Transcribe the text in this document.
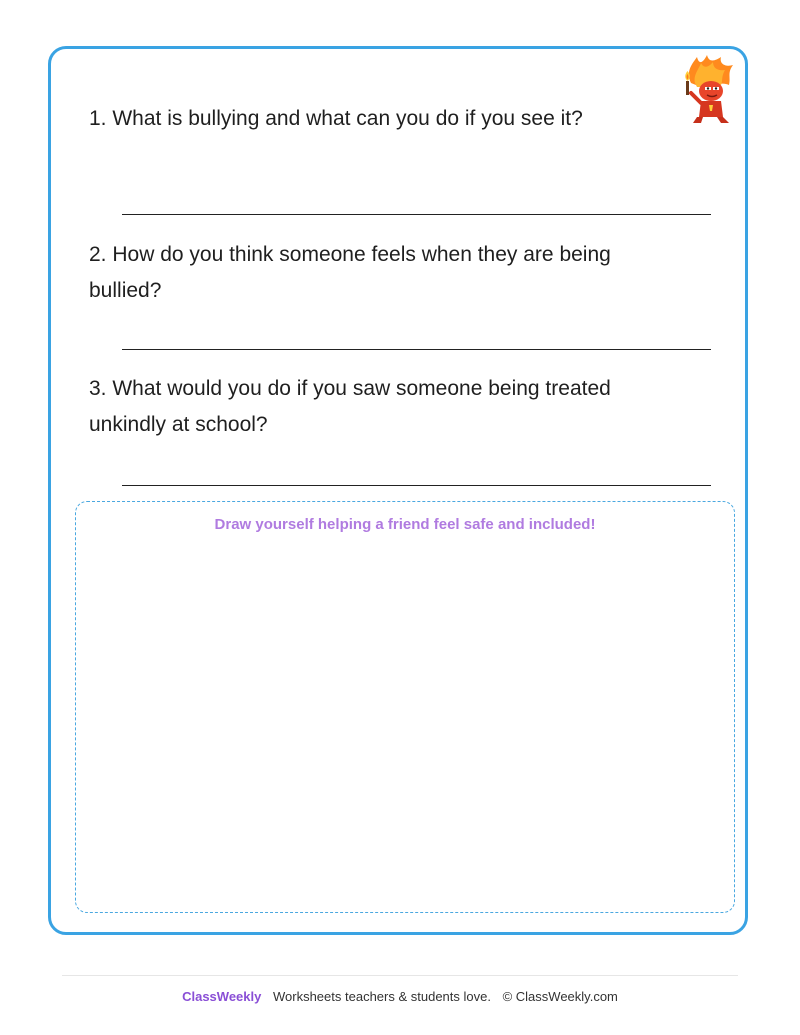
1. What is bullying and what can you do if you see it?
2. How do you think someone feels when they are being bullied?
3. What would you do if you saw someone being treated unkindly at school?
Draw yourself helping a friend feel safe and included!
ClassWeekly Worksheets teachers & students love. © ClassWeekly.com
